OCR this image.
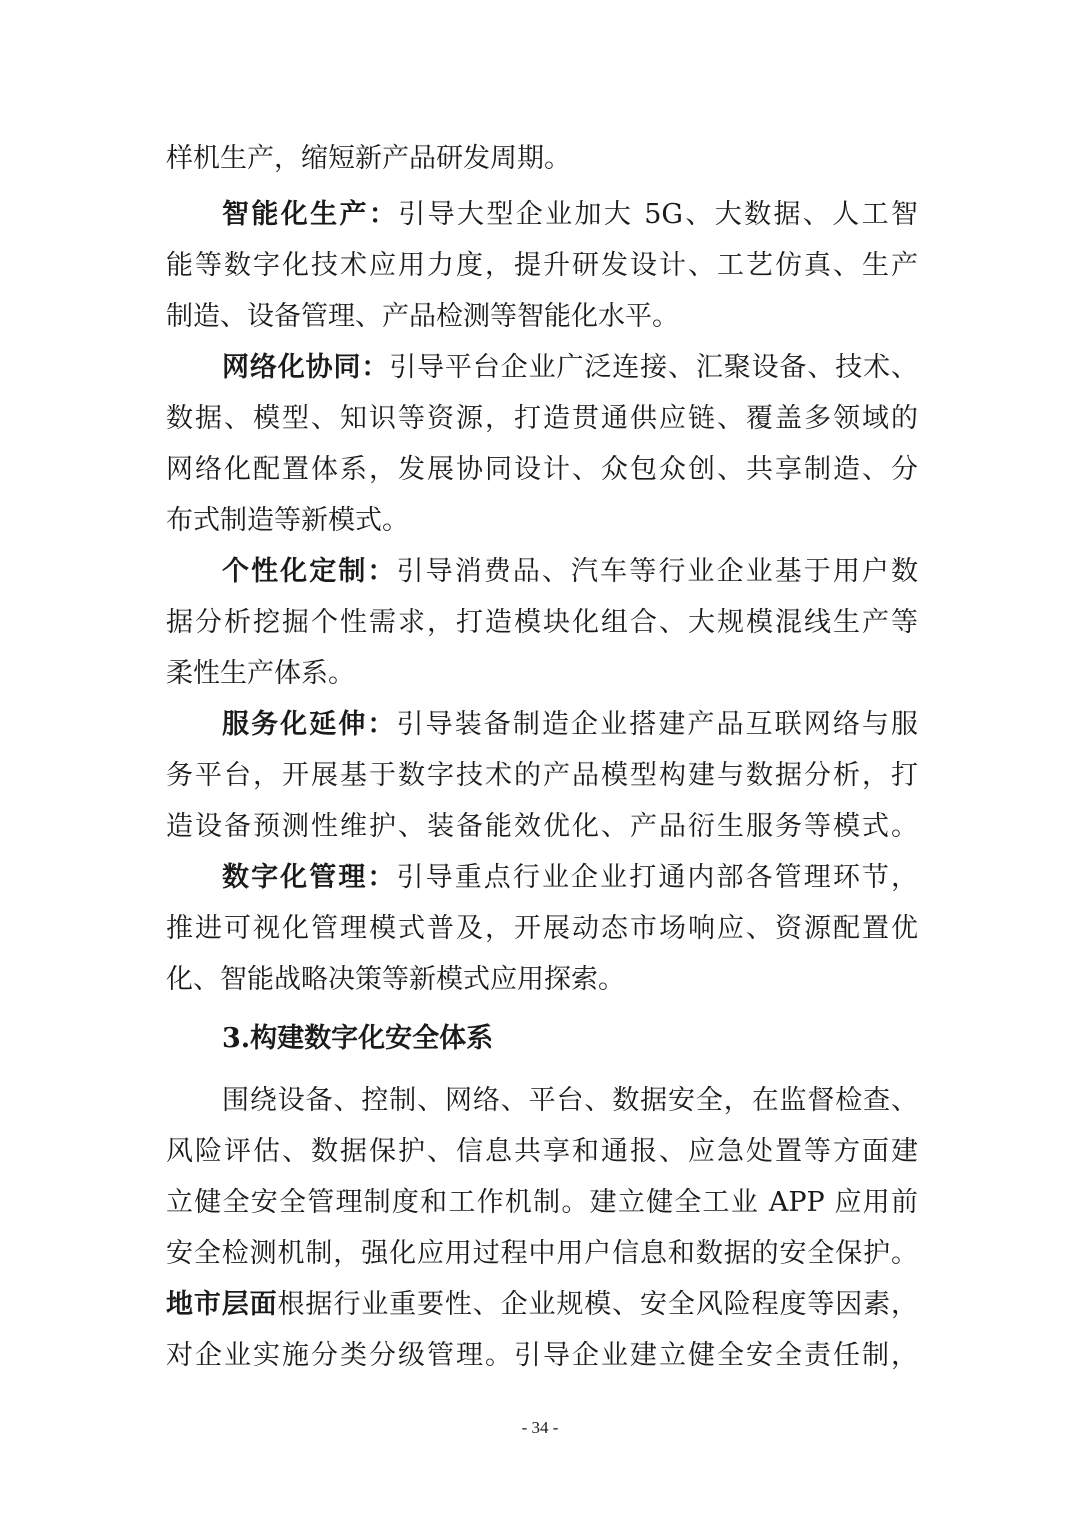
样机生产，缩短新产品研发周期。
智能化生产：引导大型企业加大 5G、大数据、人工智
能等数字化技术应用力度，提升研发设计、工艺仿真、生产
制造、设备管理、产品检测等智能化水平。
网络化协同：引导平台企业广泛连接、汇聚设备、技术、
数据、模型、知识等资源，打造贯通供应链、覆盖多领域的
网络化配置体系，发展协同设计、众包众创、共享制造、分
布式制造等新模式。
个性化定制：引导消费品、汽车等行业企业基于用户数
据分析挖掘个性需求，打造模块化组合、大规模混线生产等
柔性生产体系。
服务化延伸：引导装备制造企业搭建产品互联网络与服
务平台，开展基于数字技术的产品模型构建与数据分析，打
造设备预测性维护、装备能效优化、产品衍生服务等模式。
数字化管理：引导重点行业企业打通内部各管理环节，
推进可视化管理模式普及，开展动态市场响应、资源配置优
化、智能战略决策等新模式应用探索。
3.构建数字化安全体系
围绕设备、控制、网络、平台、数据安全，在监督检查、
风险评估、数据保护、信息共享和通报、应急处置等方面建
立健全安全管理制度和工作机制。建立健全工业 APP 应用前
安全检测机制，强化应用过程中用户信息和数据的安全保护。
地市层面根据行业重要性、企业规模、安全风险程度等因素，
对企业实施分类分级管理。引导企业建立健全安全责任制，
- 34 -
